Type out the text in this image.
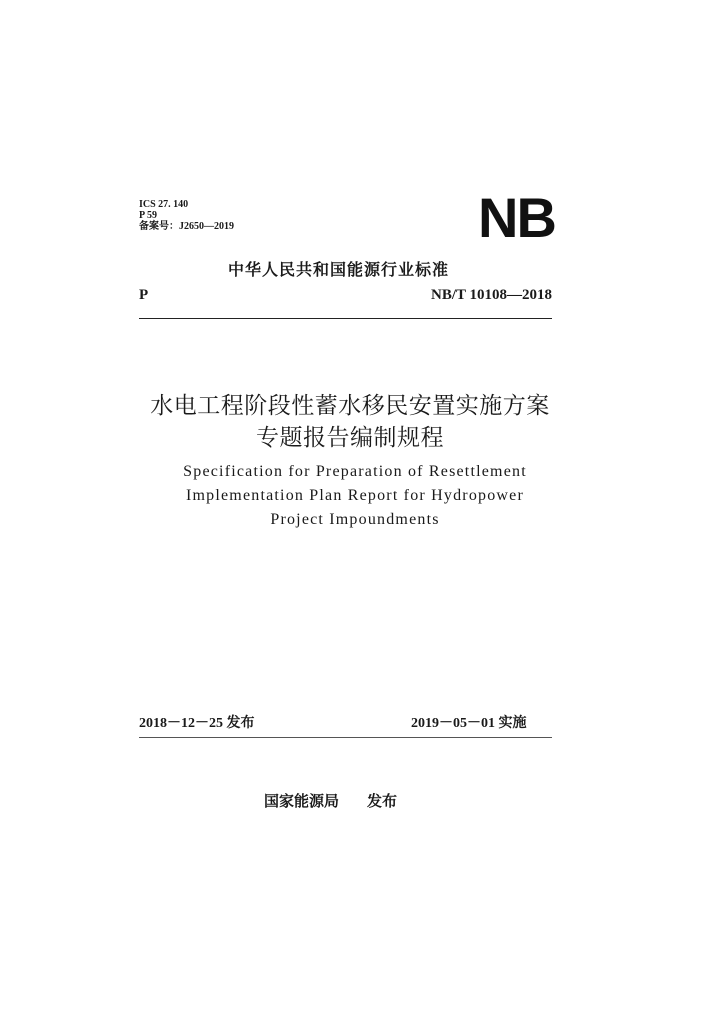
ICS 27. 140
P 59
备案号：J2650—2019	NB
中华人民共和国能源行业标准
P	NB/T 10108—2018
水电工程阶段性蓄水移民安置实施方案
专题报告编制规程
Specification for Preparation of Resettlement
Implementation Plan Report for Hydropower
Project Impoundments
2018－12－25 发布	2019－05－01 实施
国家能源局 发布
